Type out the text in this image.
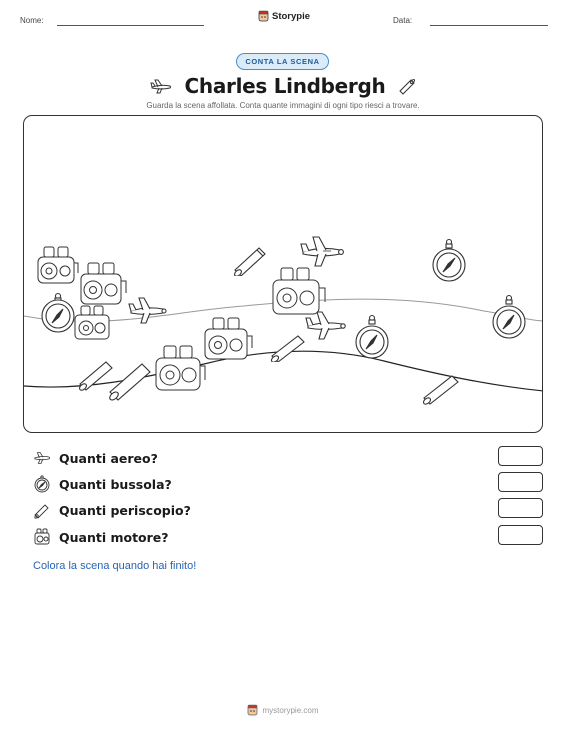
Nome:	Storypie	Data:
CONTA LA SCENA
Charles Lindbergh
Guarda la scena affollata. Conta quante immagini di ogni tipo riesci a trovare.
Quanti aereo?
Quanti bussola?
Quanti periscopio?
Quanti motore?
Colora la scena quando hai finito!
mystorypie.com
